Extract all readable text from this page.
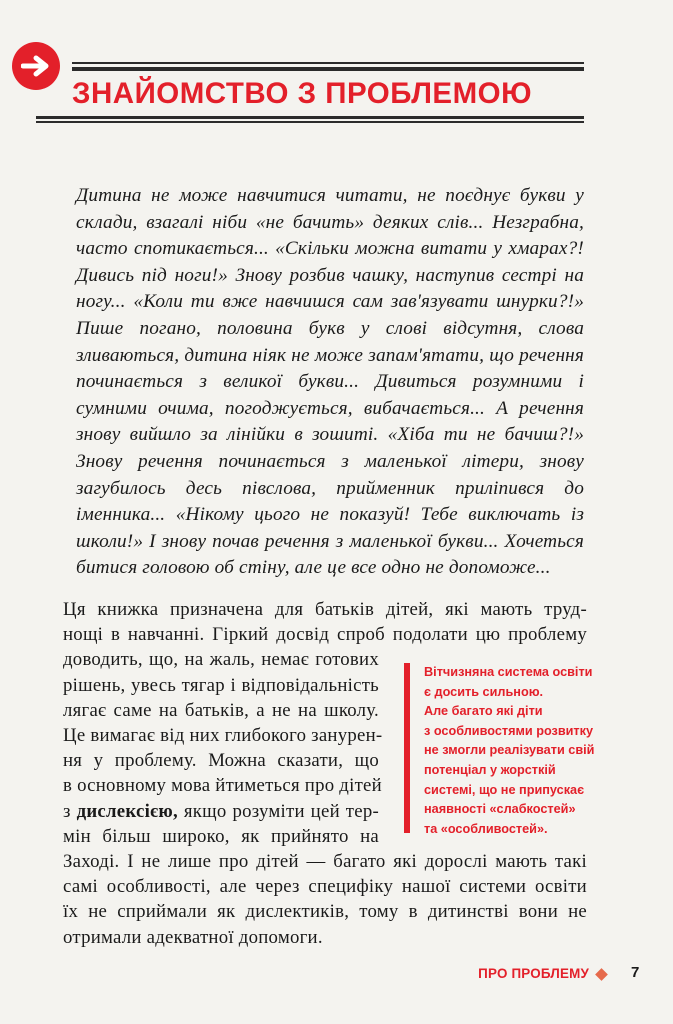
ЗНАЙОМСТВО З ПРОБЛЕМОЮ

Дитина не може навчитися читати, не поєднує букви у склади, взагалі ніби «не бачить» деяких слів... Незграбна, часто спотикається... «Скільки можна витати у хмарах?! Дивись під ноги!» Знову розбив чашку, наступив сестрі на ногу... «Коли ти вже навчишся сам зав'язувати шнурки?!» Пише погано, половина букв у слові відсутня, слова зливаються, дитина ніяк не може запам'ятати, що речення починається з великої букви... Дивиться розумними і сумними очима, погоджується, вибачається... А речення знову вийшло за лінійки в зошиті. «Хіба ти не бачиш?!» Знову речення починається з маленької літери, знову загубилось десь півслова, прийменник приліпився до іменника... «Нікому цього не показуй! Тебе виключать із школи!» І знову почав речення з маленької букви... Хочеться битися головою об стіну, але це все одно не допоможе...

Ця книжка призначена для батьків дітей, які мають труд-
нощі в навчанні. Гіркий досвід спроб подолати цю проблему
доводить, що, на жаль, немає готових
рішень, увесь тягар і відповідальність
лягає саме на батьків, а не на школу.
Це вимагає від них глибокого занурен-
ня у проблему. Можна сказати, що
в основному мова йтиметься про дітей
з дислексією, якщо розуміти цей тер-
мін більш широко, як прийнято на
Заході. І не лише про дітей — багато які дорослі мають такі
самі особливості, але через специфіку нашої системи освіти
їх не сприймали як дислектиків, тому в дитинстві вони не
отримали адекватної допомоги.
Вітчизняна система освіти
є досить сильною.
Але багато які діти
з особливостями розвитку
не змогли реалізувати свій
потенціал у жорсткій
системі, що не припускає
наявності «слабкостей»
та «особливостей».
ПРО ПРОБЛЕМУ	7
